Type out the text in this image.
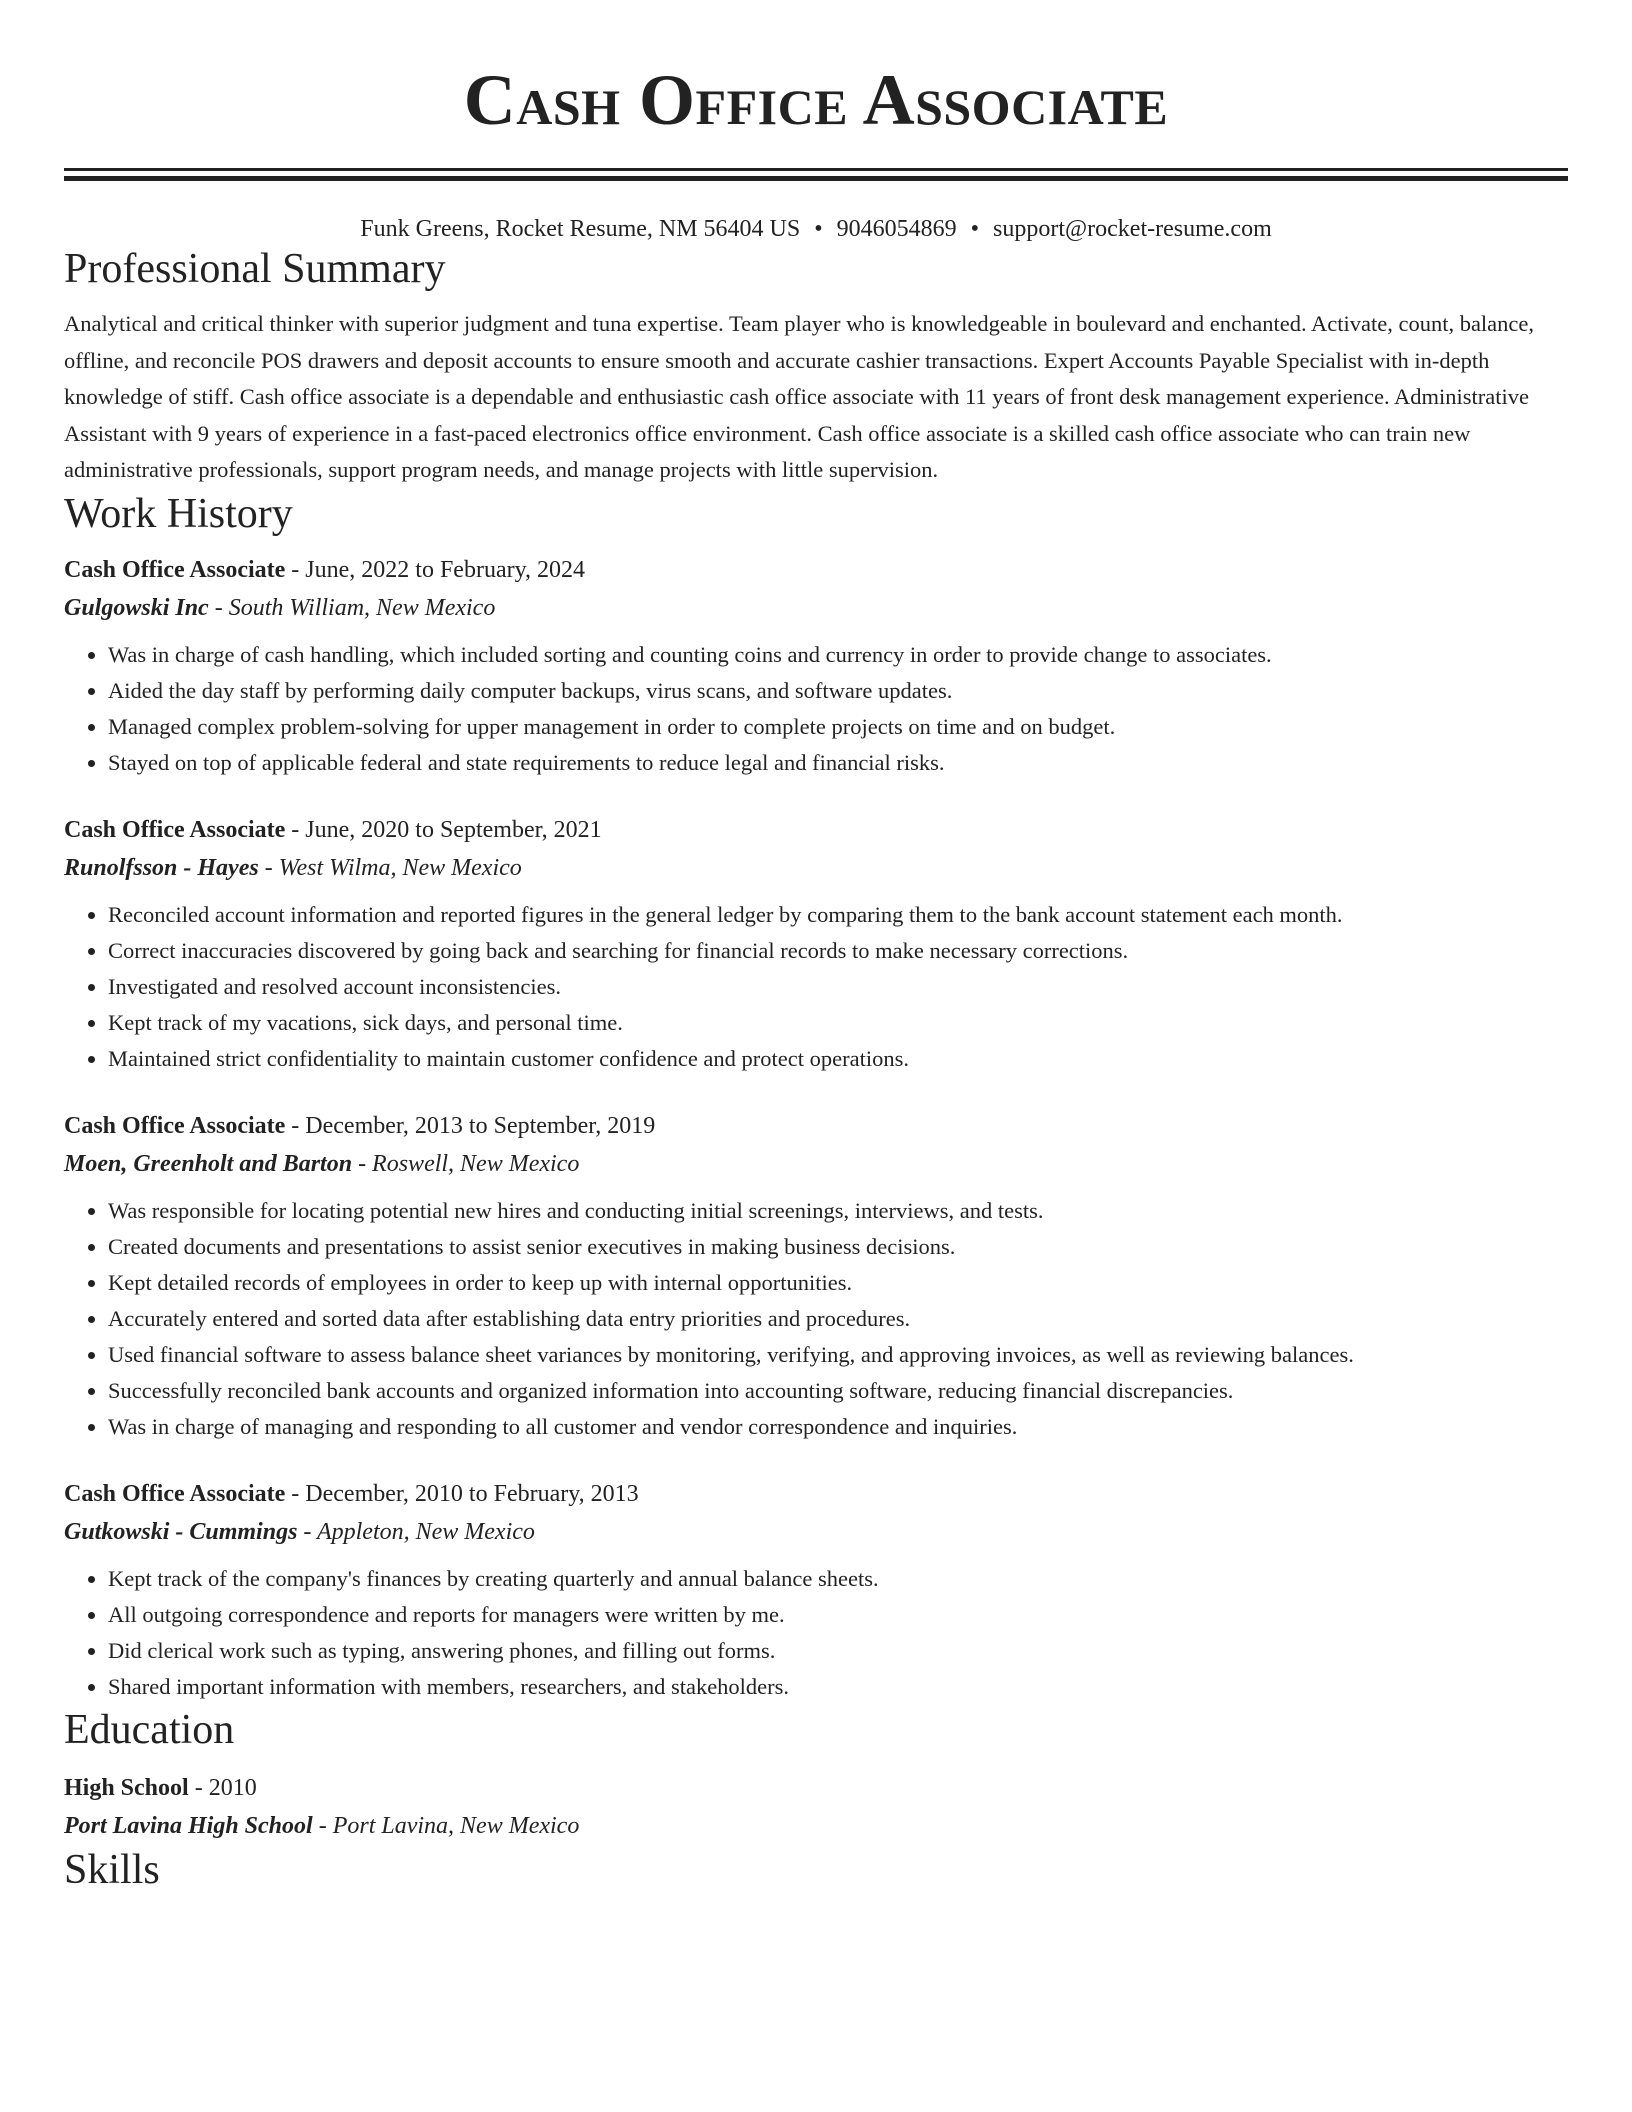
Cash Office Associate
Funk Greens, Rocket Resume, NM 56404 US • 9046054869 • support@rocket-resume.com
Professional Summary

Analytical and critical thinker with superior judgment and tuna expertise. Team player who is knowledgeable in boulevard and enchanted. Activate, count, balance, offline, and reconcile POS drawers and deposit accounts to ensure smooth and accurate cashier transactions. Expert Accounts Payable Specialist with in-depth knowledge of stiff. Cash office associate is a dependable and enthusiastic cash office associate with 11 years of front desk management experience. Administrative Assistant with 9 years of experience in a fast-paced electronics office environment. Cash office associate is a skilled cash office associate who can train new administrative professionals, support program needs, and manage projects with little supervision.

Work History

Cash Office Associate - June, 2022 to February, 2024

Gulgowski Inc - South William, New Mexico

• Was in charge of cash handling, which included sorting and counting coins and currency in order to provide change to associates.
• Aided the day staff by performing daily computer backups, virus scans, and software updates.
• Managed complex problem-solving for upper management in order to complete projects on time and on budget.
• Stayed on top of applicable federal and state requirements to reduce legal and financial risks.

Cash Office Associate - June, 2020 to September, 2021

Runolfsson - Hayes - West Wilma, New Mexico

• Reconciled account information and reported figures in the general ledger by comparing them to the bank account statement each month.
• Correct inaccuracies discovered by going back and searching for financial records to make necessary corrections.
• Investigated and resolved account inconsistencies.
• Kept track of my vacations, sick days, and personal time.
• Maintained strict confidentiality to maintain customer confidence and protect operations.

Cash Office Associate - December, 2013 to September, 2019

Moen, Greenholt and Barton - Roswell, New Mexico

• Was responsible for locating potential new hires and conducting initial screenings, interviews, and tests.
• Created documents and presentations to assist senior executives in making business decisions.
• Kept detailed records of employees in order to keep up with internal opportunities.
• Accurately entered and sorted data after establishing data entry priorities and procedures.
• Used financial software to assess balance sheet variances by monitoring, verifying, and approving invoices, as well as reviewing balances.
• Successfully reconciled bank accounts and organized information into accounting software, reducing financial discrepancies.
• Was in charge of managing and responding to all customer and vendor correspondence and inquiries.

Cash Office Associate - December, 2010 to February, 2013

Gutkowski - Cummings - Appleton, New Mexico

• Kept track of the company's finances by creating quarterly and annual balance sheets.
• All outgoing correspondence and reports for managers were written by me.
• Did clerical work such as typing, answering phones, and filling out forms.
• Shared important information with members, researchers, and stakeholders.
Education

High School - 2010

Port Lavina High School - Port Lavina, New Mexico

Skills
